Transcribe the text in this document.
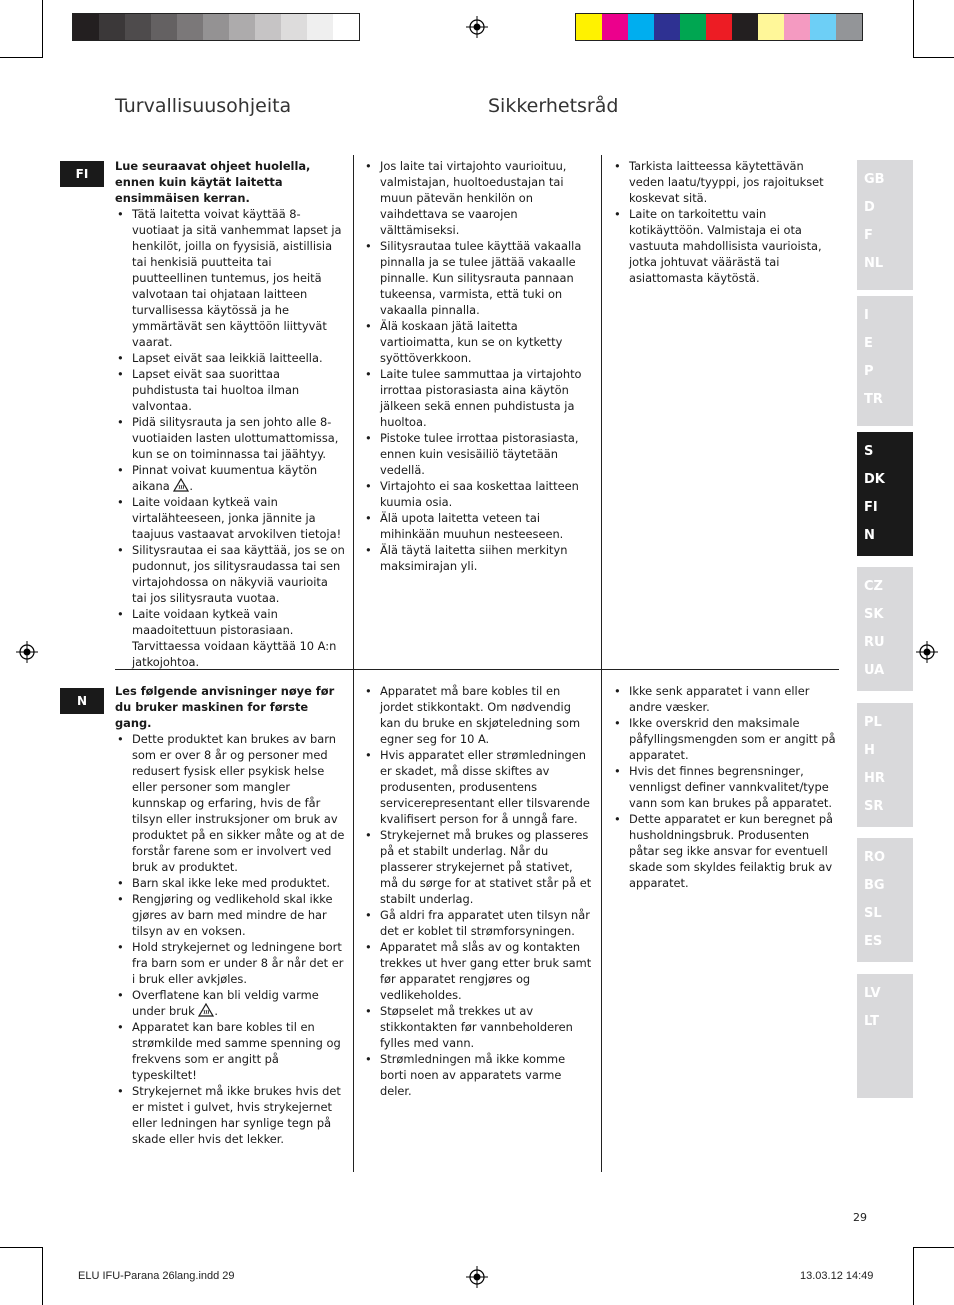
Turvallisuusohjeita	Sikkerhetsråd
FI

Lue seuraavat ohjeet huolella, ennen kuin käytät laitetta ensimmäisen kerran.

• Tätä laitetta voivat käyttää 8-vuotiaat ja sitä vanhemmat lapset ja henkilöt, joilla on fyysisiä, aistillisia tai henkisiä puutteita tai puutteellinen tuntemus, jos heitä valvotaan tai ohjataan laitteen turvallisessa käytössä ja he ymmärtävät sen käyttöön liittyvät vaarat.
• Lapset eivät saa leikkiä laitteella.
• Lapset eivät saa suorittaa puhdistusta tai huoltoa ilman valvontaa.
• Pidä silitysrauta ja sen johto alle 8-vuotiaiden lasten ulottumattomissa, kun se on toiminnassa tai jäähtyy.
• Pinnat voivat kuumentua käytön aikana .
• Laite voidaan kytkeä vain virtalähteeseen, jonka jännite ja taajuus vastaavat arvokilven tietoja!
• Silitysrautaa ei saa käyttää, jos se on pudonnut, jos silitysraudassa tai sen virtajohdossa on näkyviä vaurioita tai jos silitysrauta vuotaa.
• Laite voidaan kytkeä vain maadoitettuun pistorasiaan. Tarvittaessa voidaan käyttää 10 A:n jatkojohtoa.
• Jos laite tai virtajohto vaurioituu, valmistajan, huoltoedustajan tai muun pätevän henkilön on vaihdettava se vaarojen välttämiseksi.
• Silitysrautaa tulee käyttää vakaalla pinnalla ja se tulee jättää vakaalle pinnalle. Kun silitysrauta pannaan tukeensa, varmista, että tuki on vakaalla pinnalla.
• Älä koskaan jätä laitetta vartioimatta, kun se on kytketty syöttöverkkoon.
• Laite tulee sammuttaa ja virtajohto irrottaa pistorasiasta aina käytön jälkeen sekä ennen puhdistusta ja huoltoa.
• Pistoke tulee irrottaa pistorasiasta, ennen kuin vesisäiliö täytetään vedellä.
• Virtajohto ei saa koskettaa laitteen kuumia osia.
• Älä upota laitetta veteen tai mihinkään muuhun nesteeseen.
• Älä täytä laitetta siihen merkityn maksimirajan yli.
• Tarkista laitteessa käytettävän veden laatu/tyyppi, jos rajoitukset koskevat sitä.
• Laite on tarkoitettu vain kotikäyttöön. Valmistaja ei ota vastuuta mahdollisista vaurioista, jotka johtuvat väärästä tai asiattomasta käytöstä.
N

Les følgende anvisninger nøye før du bruker maskinen for første gang.

• Dette produktet kan brukes av barn som er over 8 år og personer med redusert fysisk eller psykisk helse eller personer som mangler kunnskap og erfaring, hvis de får tilsyn eller instruksjoner om bruk av produktet på en sikker måte og at de forstår farene som er involvert ved bruk av produktet.
• Barn skal ikke leke med produktet.
• Rengjøring og vedlikehold skal ikke gjøres av barn med mindre de har tilsyn av en voksen.
• Hold strykejernet og ledningene bort fra barn som er under 8 år når det er i bruk eller avkjøles.
• Overflatene kan bli veldig varme under bruk .
• Apparatet kan bare kobles til en strømkilde med samme spenning og frekvens som er angitt på typeskiltet!
• Strykejernet må ikke brukes hvis det er mistet i gulvet, hvis strykejernet eller ledningen har synlige tegn på skade eller hvis det lekker.
• Apparatet må bare kobles til en jordet stikkontakt. Om nødvendig kan du bruke en skjøteledning som egner seg for 10 A.
• Hvis apparatet eller strømledningen er skadet, må disse skiftes av produsenten, produsentens servicerepresentant eller tilsvarende kvalifisert person for å unngå fare.
• Strykejernet må brukes og plasseres på et stabilt underlag. Når du plasserer strykejernet på stativet, må du sørge for at stativet står på et stabilt underlag.
• Gå aldri fra apparatet uten tilsyn når det er koblet til strømforsyningen.
• Apparatet må slås av og kontakten trekkes ut hver gang etter bruk samt før apparatet rengjøres og vedlikeholdes.
• Støpselet må trekkes ut av stikkontakten før vannbeholderen fylles med vann.
• Strømledningen må ikke komme borti noen av apparatets varme deler.
• Ikke senk apparatet i vann eller andre væsker.
• Ikke overskrid den maksimale påfyllingsmengden som er angitt på apparatet.
• Hvis det finnes begrensninger, vennligst definer vannkvalitet/type vann som kan brukes på apparatet.
• Dette apparatet er kun beregnet på husholdningsbruk. Produsenten påtar seg ikke ansvar for eventuell skade som skyldes feilaktig bruk av apparatet.
GB
D
F
NL
I
E
P
TR
S
DK
FI
N
CZ
SK
RU
UA
PL
H
HR
SR
RO
BG
SL
ES
LV
LT
29
ELU IFU-Parana 26lang.indd 29	13.03.12 14:49
